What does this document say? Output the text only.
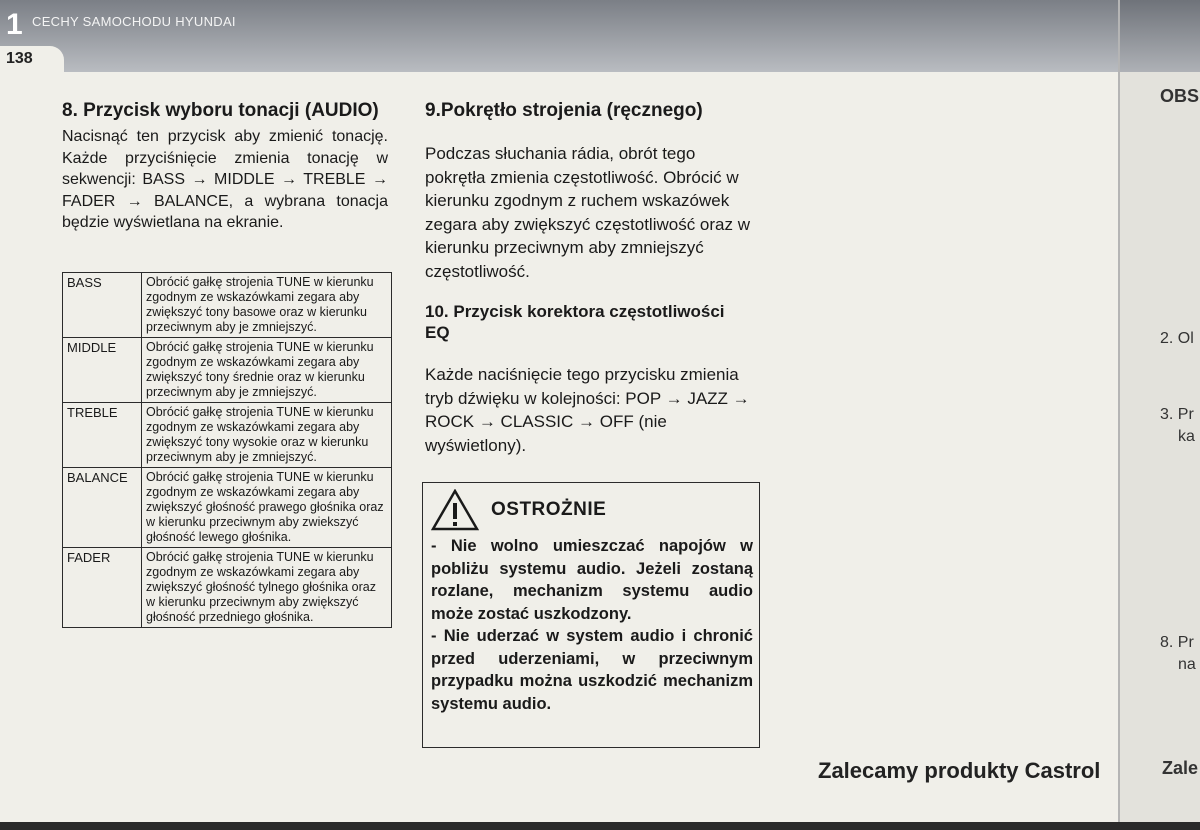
1 CECHY SAMOCHODU HYUNDAI
138
8. Przycisk wyboru tonacji (AUDIO)

Nacisnąć ten przycisk aby zmienić tonację. Każde przyciśnięcie zmienia tonację w sekwencji: BASS → MIDDLE → TREBLE → FADER → BALANCE, a wybrana tonacja będzie wyświetlana na ekranie.

BASS	Obrócić gałkę strojenia TUNE w kierunku zgodnym ze wskazówkami zegara aby zwiększyć tony basowe oraz w kierunku przeciwnym aby je zmniejszyć.
MIDDLE	Obrócić gałkę strojenia TUNE w kierunku zgodnym ze wskazówkami zegara aby zwiększyć tony średnie oraz w kierunku przeciwnym aby je zmniejszyć.
TREBLE	Obrócić gałkę strojenia TUNE w kierunku zgodnym ze wskazówkami zegara aby zwiększyć tony wysokie oraz w kierunku przeciwnym aby je zmniejszyć.
BALANCE	Obrócić gałkę strojenia TUNE w kierunku zgodnym ze wskazówkami zegara aby zwiększyć głośność prawego głośnika oraz w kierunku przeciwnym aby zwiekszyć głośność lewego głośnika.
FADER	Obrócić gałkę strojenia TUNE w kierunku zgodnym ze wskazówkami zegara aby zwiększyć głośność tylnego głośnika oraz w kierunku przeciwnym aby zwiększyć głośność przedniego głośnika.
9.Pokrętło strojenia (ręcznego)

Podczas słuchania rádia, obrót tego pokrętła zmienia częstotliwość. Obrócić w kierunku zgodnym z ruchem wskazówek zegara aby zwiększyć częstotliwość oraz w kierunku przeciwnym aby zmniejszyć częstotliwość.

10. Przycisk korektora częstotliwości EQ

Każde naciśnięcie tego przycisku zmienia tryb dźwięku w kolejności: POP → JAZZ → ROCK → CLASSIC → OFF (nie wyświetlony).

OSTROŻNIE

- Nie wolno umieszczać napojów w pobliżu systemu audio. Jeżeli zostaną rozlane, mechanizm systemu audio może zostać uszkodzony.

- Nie uderzać w system audio i chronić przed uderzeniami, w przeciwnym przypadku można uszkodzić mechanizm systemu audio.

Zalecamy produkty Castrol
OBS
2. Ol
3. Pr
ka
8. Pr
na
Zale
